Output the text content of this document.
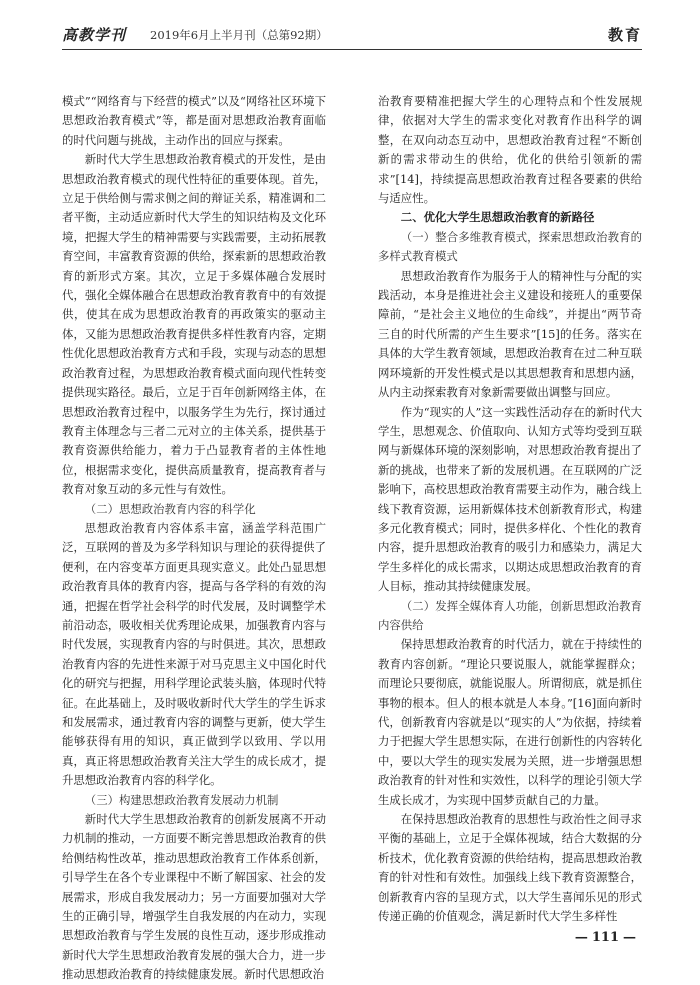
高教学刊 2019年6月上半月刊（总第92期）	教育

模式”“网络育与下经营的模式”以及“网络社区环境下思想政治教育模式”等，都是面对思想政治教育面临的时代问题与挑战，主动作出的回应与探索。

新时代大学生思想政治教育模式的开发性，是由思想政治教育模式的现代性特征的重要体现。首先，立足于供给侧与需求侧之间的辩证关系，精准调和二者平衡，主动适应新时代大学生的知识结构及文化环境，把握大学生的精神需要与实践需要，主动拓展教育空间，丰富教育资源的供给，探索新的思想政治教育的新形式方案。其次，立足于多媒体融合发展时代，强化全媒体融合在思想政治教育教育中的有效提供，使其在成为思想政治教育的再政策实的驱动主体，又能为思想政治教育提供多样性教育内容，定期性优化思想政治教育方式和手段，实现与动态的思想政治教育过程，为思想政治教育模式面向现代性转变提供现实路径。最后，立足于百年创新网络主体，在思想政治教育过程中，以服务学生为先行，探讨通过教育主体理念与三者二元对立的主体关系，提供基于教育资源供给能力，着力于凸显教育者的主体性地位，根据需求变化，提供高质量教育，提高教育者与教育对象互动的多元性与有效性。

（二）思想政治教育内容的科学化

思想政治教育内容体系丰富，涵盖学科范围广泛，互联网的普及为多学科知识与理论的获得提供了便利，在内容变革方面更具现实意义。此处凸显思想政治教育具体的教育内容，提高与各学科的有效的沟通，把握在哲学社会科学的时代发展，及时调整学术前沿动态，吸收相关优秀理论成果，加强教育内容与时代发展，实现教育内容的与时俱进。其次，思想政治教育内容的先进性来源于对马克思主义中国化时代化的研究与把握，用科学理论武装头脑，体现时代特征。在此基础上，及时吸收新时代大学生的学生诉求和发展需求，通过教育内容的调整与更新，使大学生能够获得有用的知识，真正做到学以致用、学以用真，真正将思想政治教育关注大学生的成长成才，提升思想政治教育内容的科学化。

（三）构建思想政治教育发展动力机制

新时代大学生思想政治教育的创新发展离不开动力机制的推动，一方面要不断完善思想政治教育的供给侧结构性改革，推动思想政治教育工作体系创新，引导学生在各个专业课程中不断了解国家、社会的发展需求，形成自我发展动力；另一方面要加强对大学生的正确引导，增强学生自我发展的内在动力，实现思想政治教育与学生发展的良性互动，逐步形成推动新时代大学生思想政治教育发展的强大合力，进一步推动思想政治教育的持续健康发展。新时代思想政治

治教育要精准把握大学生的心理特点和个性发展规律，依据对大学生的需求变化对教育作出科学的调整，在双向动态互动中，思想政治教育过程“不断创新的需求带动生的供给，优化的供给引领新的需求”[14]，持续提高思想政治教育过程各要素的供给与适应性。

二、优化大学生思想政治教育的新路径

（一）整合多维教育模式，探索思想政治教育的多样式教育模式

思想政治教育作为服务于人的精神性与分配的实践活动，本身是推进社会主义建设和接班人的重要保障前，“是社会主义地位的生命线”，并提出“两节奇三自的时代所需的产生生要求”[15]的任务。落实在具体的大学生教育领域，思想政治教育在过二种互联网环境新的开发性模式是以其思想教育和思想内涵，从内主动探索教育对象新需要做出调整与回应。

作为“现实的人”这一实践性活动存在的新时代大学生，思想观念、价值取向、认知方式等均受到互联网与新媒体环境的深刻影响，对思想政治教育提出了新的挑战，也带来了新的发展机遇。在互联网的广泛影响下，高校思想政治教育需要主动作为，融合线上线下教育资源，运用新媒体技术创新教育形式，构建多元化教育模式；同时，提供多样化、个性化的教育内容，提升思想政治教育的吸引力和感染力，满足大学生多样化的成长需求，以期达成思想政治教育的育人目标，推动其持续健康发展。

（二）发挥全媒体育人功能，创新思想政治教育内容供给

保持思想政治教育的时代活力，就在于持续性的教育内容创新。“理论只要说服人，就能掌握群众；而理论只要彻底，就能说服人。所谓彻底，就是抓住事物的根本。但人的根本就是人本身。”[16]面向新时代，创新教育内容就是以“现实的人”为依据，持续着力于把握大学生思想实际，在进行创新性的内容转化中，要以大学生的现实发展为关照，进一步增强思想政治教育的针对性和实效性，以科学的理论引领大学生成长成才，为实现中国梦贡献自己的力量。

在保持思想政治教育的思想性与政治性之间寻求平衡的基础上，立足于全媒体视域，结合大数据的分析技术，优化教育资源的供给结构，提高思想政治教育的针对性和有效性。加强线上线下教育资源整合，创新教育内容的呈现方式，以大学生喜闻乐见的形式传递正确的价值观念，满足新时代大学生多样性

— 111 —
